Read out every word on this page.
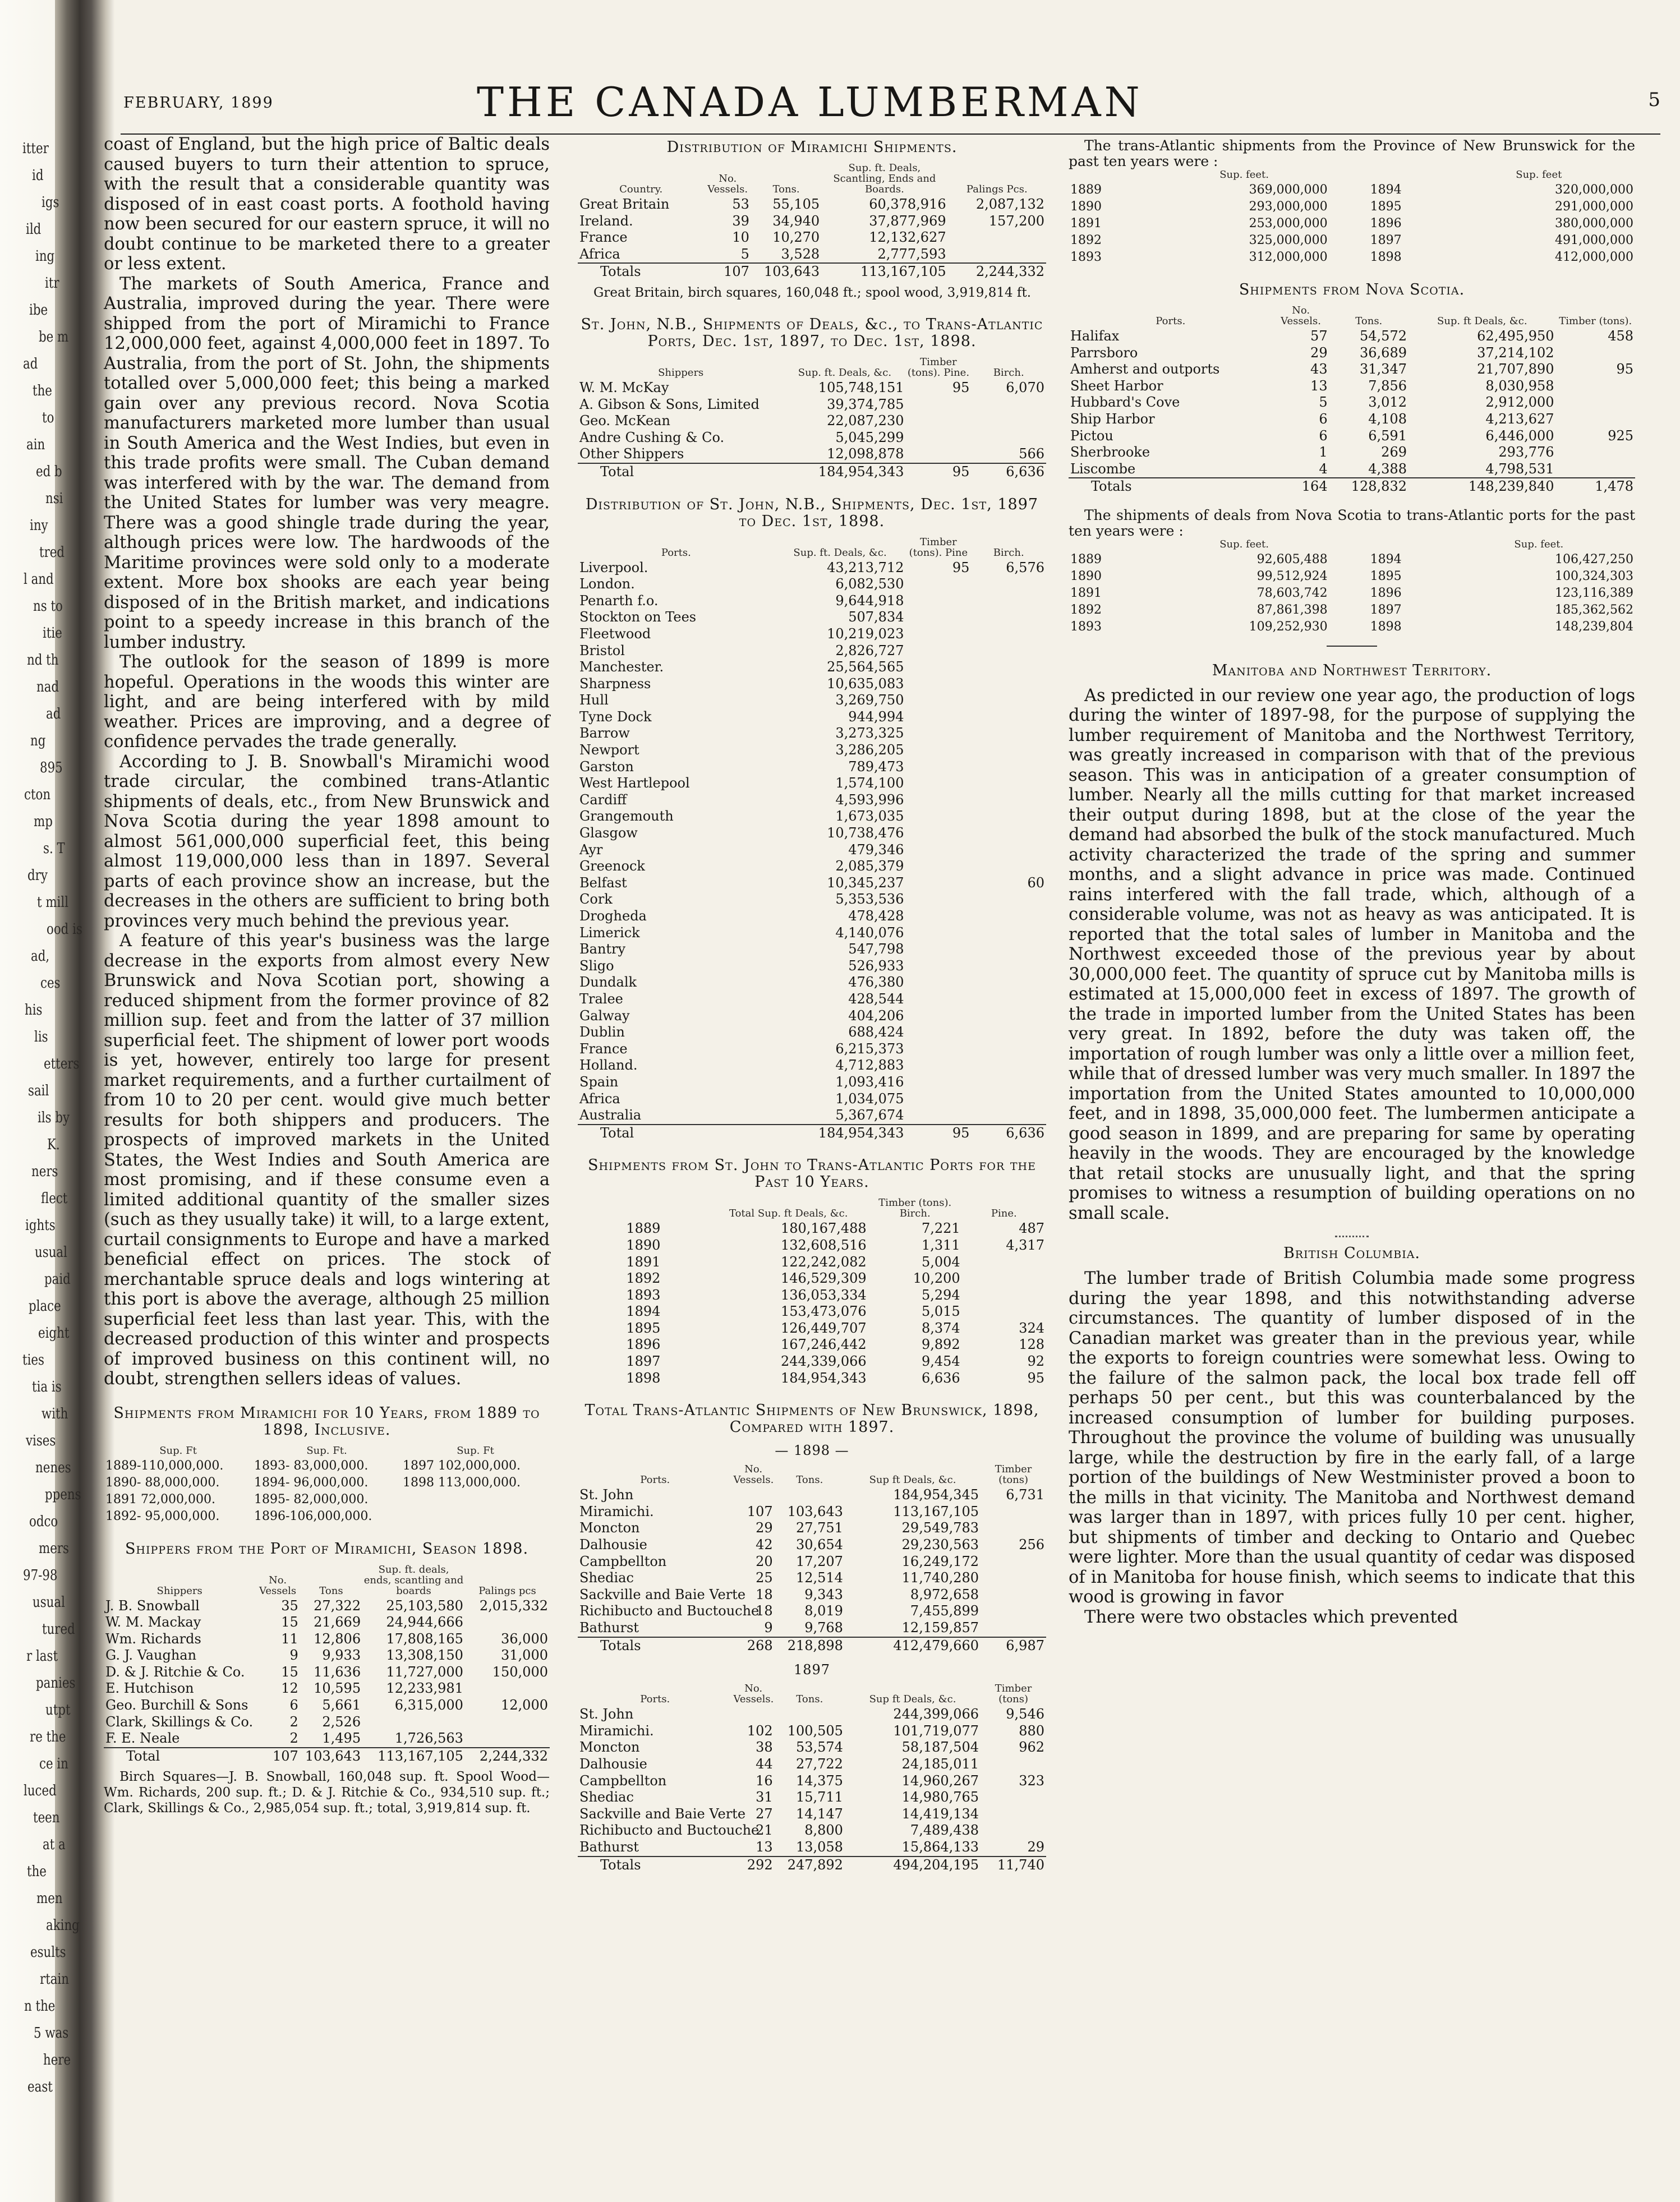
itter
id
igs
ild
ing
itr
ibe
be m
ad
the
to
ain
ed b
nsi
iny
tred
l and
ns to
itie
nd th
nad
ad
ng
895
cton
mp
s. T
dry
t mill
ood is
ad,
ces
his
lis
etters
sail
ils by
K.
ners
flect
ights
usual
paid
place
eight
ties
tia is
with
vises
nenes
ppens
odco
mers
97-98
usual
tured
r last
panies
utpt
re the
ce in
luced
teen
at a
the
men
aking
esults
rtain
n the
5 was
here
east
FEBRUARY, 1899	THE CANADA LUMBERMAN	5

coast of England, but the high price of Baltic deals caused buyers to turn their attention to spruce, with the result that a considerable quantity was disposed of in east coast ports. A foothold having now been secured for our eastern spruce, it will no doubt continue to be marketed there to a greater or less extent.

The markets of South America, France and Australia, improved during the year. There were shipped from the port of Miramichi to France 12,000,000 feet, against 4,000,000 feet in 1897. To Australia, from the port of St. John, the shipments totalled over 5,000,000 feet; this being a marked gain over any previous record. Nova Scotia manufacturers marketed more lumber than usual in South America and the West Indies, but even in this trade profits were small. The Cuban demand was interfered with by the war. The demand from the United States for lumber was very meagre. There was a good shingle trade during the year, although prices were low. The hardwoods of the Maritime provinces were sold only to a moderate extent. More box shooks are each year being disposed of in the British market, and indications point to a speedy increase in this branch of the lumber industry.

The outlook for the season of 1899 is more hopeful. Operations in the woods this winter are light, and are being interfered with by mild weather. Prices are improving, and a degree of confidence pervades the trade generally.

According to J. B. Snowball's Miramichi wood trade circular, the combined trans-Atlantic shipments of deals, etc., from New Brunswick and Nova Scotia during the year 1898 amount to almost 561,000,000 superficial feet, this being almost 119,000,000 less than in 1897. Several parts of each province show an increase, but the decreases in the others are sufficient to bring both provinces very much behind the previous year.

A feature of this year's business was the large decrease in the exports from almost every New Brunswick and Nova Scotian port, showing a reduced shipment from the former province of 82 million sup. feet and from the latter of 37 million superficial feet. The shipment of lower port woods is yet, however, entirely too large for present market requirements, and a further curtailment of from 10 to 20 per cent. would give much better results for both shippers and producers. The prospects of improved markets in the United States, the West Indies and South America are most promising, and if these consume even a limited additional quantity of the smaller sizes (such as they usually take) it will, to a large extent, curtail consignments to Europe and have a marked beneficial effect on prices. The stock of merchantable spruce deals and logs wintering at this port is above the average, although 25 million superficial feet less than last year. This, with the decreased production of this winter and prospects of improved business on this continent will, no doubt, strengthen sellers ideas of values.

Shipments from Miramichi for 10 Years, from 1889 to 1898, Inclusive.
Sup. Ft	Sup. Ft.	Sup. Ft
1889-110,000,000.	1893- 83,000,000.	1897 102,000,000.
1890- 88,000,000.	1894- 96,000,000.	1898 113,000,000.
1891 72,000,000.	1895- 82,000,000.	
1892- 95,000,000.	1896-106,000,000.	
Shippers from the Port of Miramichi, Season 1898.
Shippers	No. Vessels	Tons	Sup. ft. deals, ends, scantling and boards	Palings pcs
J. B. Snowball	35	27,322	25,103,580	2,015,332
W. M. Mackay	15	21,669	24,944,666	
Wm. Richards	11	12,806	17,808,165	36,000
G. J. Vaughan	9	9,933	13,308,150	31,000
D. & J. Ritchie & Co.	15	11,636	11,727,000	150,000
E. Hutchison	12	10,595	12,233,981	
Geo. Burchill & Sons	6	5,661	6,315,000	12,000
Clark, Skillings & Co.	2	2,526		
F. E. Neale	2	1,495	1,726,563	
Total	107	103,643	113,167,105	2,244,332

Birch Squares—J. B. Snowball, 160,048 sup. ft. Spool Wood—Wm. Richards, 200 sup. ft.; D. & J. Ritchie & Co., 934,510 sup. ft.; Clark, Skillings & Co., 2,985,054 sup. ft.; total, 3,919,814 sup. ft.

Distribution of Miramichi Shipments.
Country.	No. Vessels.	Tons.	Sup. ft. Deals, Scantling, Ends and Boards.	Palings Pcs.
Great Britain	53	55,105	60,378,916	2,087,132
Ireland.	39	34,940	37,877,969	157,200
France	10	10,270	12,132,627	
Africa	5	3,528	2,777,593	
Totals	107	103,643	113,167,105	2,244,332

Great Britain, birch squares, 160,048 ft.; spool wood, 3,919,814 ft.

St. John, N.B., Shipments of Deals, &c., to Trans-Atlantic Ports, Dec. 1st, 1897, to Dec. 1st, 1898.
Shippers	Sup. ft. Deals, &c.	Timber (tons). Pine.	Birch.
W. M. McKay	105,748,151	95	6,070
A. Gibson & Sons, Limited	39,374,785		
Geo. McKean	22,087,230		
Andre Cushing & Co.	5,045,299		
Other Shippers	12,098,878		566
Total	184,954,343	95	6,636
Distribution of St. John, N.B., Shipments, Dec. 1st, 1897 to Dec. 1st, 1898.
Ports.	Sup. ft. Deals, &c.	Timber (tons). Pine	Birch.
Liverpool.	43,213,712	95	6,576
London.	6,082,530		
Penarth f.o.	9,644,918		
Stockton on Tees	507,834		
Fleetwood	10,219,023		
Bristol	2,826,727		
Manchester.	25,564,565		
Sharpness	10,635,083		
Hull	3,269,750		
Tyne Dock	944,994		
Barrow	3,273,325		
Newport	3,286,205		
Garston	789,473		
West Hartlepool	1,574,100		
Cardiff	4,593,996		
Grangemouth	1,673,035		
Glasgow	10,738,476		
Ayr	479,346		
Greenock	2,085,379		
Belfast	10,345,237		60
Cork	5,353,536		
Drogheda	478,428		
Limerick	4,140,076		
Bantry	547,798		
Sligo	526,933		
Dundalk	476,380		
Tralee	428,544		
Galway	404,206		
Dublin	688,424		
France	6,215,373		
Holland.	4,712,883		
Spain	1,093,416		
Africa	1,034,075		
Australia	5,367,674		
Total	184,954,343	95	6,636
Shipments from St. John to Trans-Atlantic Ports for the Past 10 Years.
	Total Sup. ft Deals, &c.	Timber (tons). Birch.	Pine.
1889	180,167,488	7,221	487
1890	132,608,516	1,311	4,317
1891	122,242,082	5,004	
1892	146,529,309	10,200	
1893	136,053,334	5,294	
1894	153,473,076	5,015	
1895	126,449,707	8,374	324
1896	167,246,442	9,892	128
1897	244,339,066	9,454	92
1898	184,954,343	6,636	95
Total Trans-Atlantic Shipments of New Brunswick, 1898, Compared with 1897.
— 1898 —
Ports.	No. Vessels.	Tons.	Sup ft Deals, &c.	Timber (tons)
St. John			184,954,345	6,731
Miramichi.	107	103,643	113,167,105	
Moncton	29	27,751	29,549,783	
Dalhousie	42	30,654	29,230,563	256
Campbellton	20	17,207	16,249,172	
Shediac	25	12,514	11,740,280	
Sackville and Baie Verte	18	9,343	8,972,658	
Richibucto and Buctouche	18	8,019	7,455,899	
Bathurst	9	9,768	12,159,857	
Totals	268	218,898	412,479,660	6,987
1897
Ports.	No. Vessels.	Tons.	Sup ft Deals, &c.	Timber (tons)
St. John			244,399,066	9,546
Miramichi.	102	100,505	101,719,077	880
Moncton	38	53,574	58,187,504	962
Dalhousie	44	27,722	24,185,011	
Campbellton	16	14,375	14,960,267	323
Shediac	31	15,711	14,980,765	
Sackville and Baie Verte	27	14,147	14,419,134	
Richibucto and Buctouche	21	8,800	7,489,438	
Bathurst	13	13,058	15,864,133	29
Totals	292	247,892	494,204,195	11,740

The trans-Atlantic shipments from the Province of New Brunswick for the past ten years were :

	Sup. feet.		Sup. feet
1889	369,000,000	1894	320,000,000
1890	293,000,000	1895	291,000,000
1891	253,000,000	1896	380,000,000
1892	325,000,000	1897	491,000,000
1893	312,000,000	1898	412,000,000
Shipments from Nova Scotia.
Ports.	No. Vessels.	Tons.	Sup. ft Deals, &c.	Timber (tons).
Halifax	57	54,572	62,495,950	458
Parrsboro	29	36,689	37,214,102	
Amherst and outports	43	31,347	21,707,890	95
Sheet Harbor	13	7,856	8,030,958	
Hubbard's Cove	5	3,012	2,912,000	
Ship Harbor	6	4,108	4,213,627	
Pictou	6	6,591	6,446,000	925
Sherbrooke	1	269	293,776	
Liscombe	4	4,388	4,798,531	
Totals	164	128,832	148,239,840	1,478

The shipments of deals from Nova Scotia to trans-Atlantic ports for the past ten years were :

	Sup. feet.		Sup. feet.
1889	92,605,488	1894	106,427,250
1890	99,512,924	1895	100,324,303
1891	78,603,742	1896	123,116,389
1892	87,861,398	1897	185,362,562
1893	109,252,930	1898	148,239,804
Manitoba and Northwest Territory.

As predicted in our review one year ago, the production of logs during the winter of 1897-98, for the purpose of supplying the lumber requirement of Manitoba and the Northwest Territory, was greatly increased in comparison with that of the previous season. This was in anticipation of a greater consumption of lumber. Nearly all the mills cutting for that market increased their output during 1898, but at the close of the year the demand had absorbed the bulk of the stock manufactured. Much activity characterized the trade of the spring and summer months, and a slight advance in price was made. Continued rains interfered with the fall trade, which, although of a considerable volume, was not as heavy as was anticipated. It is reported that the total sales of lumber in Manitoba and the Northwest exceeded those of the previous year by about 30,000,000 feet. The quantity of spruce cut by Manitoba mills is estimated at 15,000,000 feet in excess of 1897. The growth of the trade in imported lumber from the United States has been very great. In 1892, before the duty was taken off, the importation of rough lumber was only a little over a million feet, while that of dressed lumber was very much smaller. In 1897 the importation from the United States amounted to 10,000,000 feet, and in 1898, 35,000,000 feet. The lumbermen anticipate a good season in 1899, and are preparing for same by operating heavily in the woods. They are encouraged by the knowledge that retail stocks are unusually light, and that the spring promises to witness a resumption of building operations on no small scale.

British Columbia.

The lumber trade of British Columbia made some progress during the year 1898, and this notwithstanding adverse circumstances. The quantity of lumber disposed of in the Canadian market was greater than in the previous year, while the exports to foreign countries were somewhat less. Owing to the failure of the salmon pack, the local box trade fell off perhaps 50 per cent., but this was counterbalanced by the increased consumption of lumber for building purposes. Throughout the province the volume of building was unusually large, while the destruction by fire in the early fall, of a large portion of the buildings of New Westminister proved a boon to the mills in that vicinity. The Manitoba and Northwest demand was larger than in 1897, with prices fully 10 per cent. higher, but shipments of timber and decking to Ontario and Quebec were lighter. More than the usual quantity of cedar was disposed of in Manitoba for house finish, which seems to indicate that this wood is growing in favor

There were two obstacles which prevented
